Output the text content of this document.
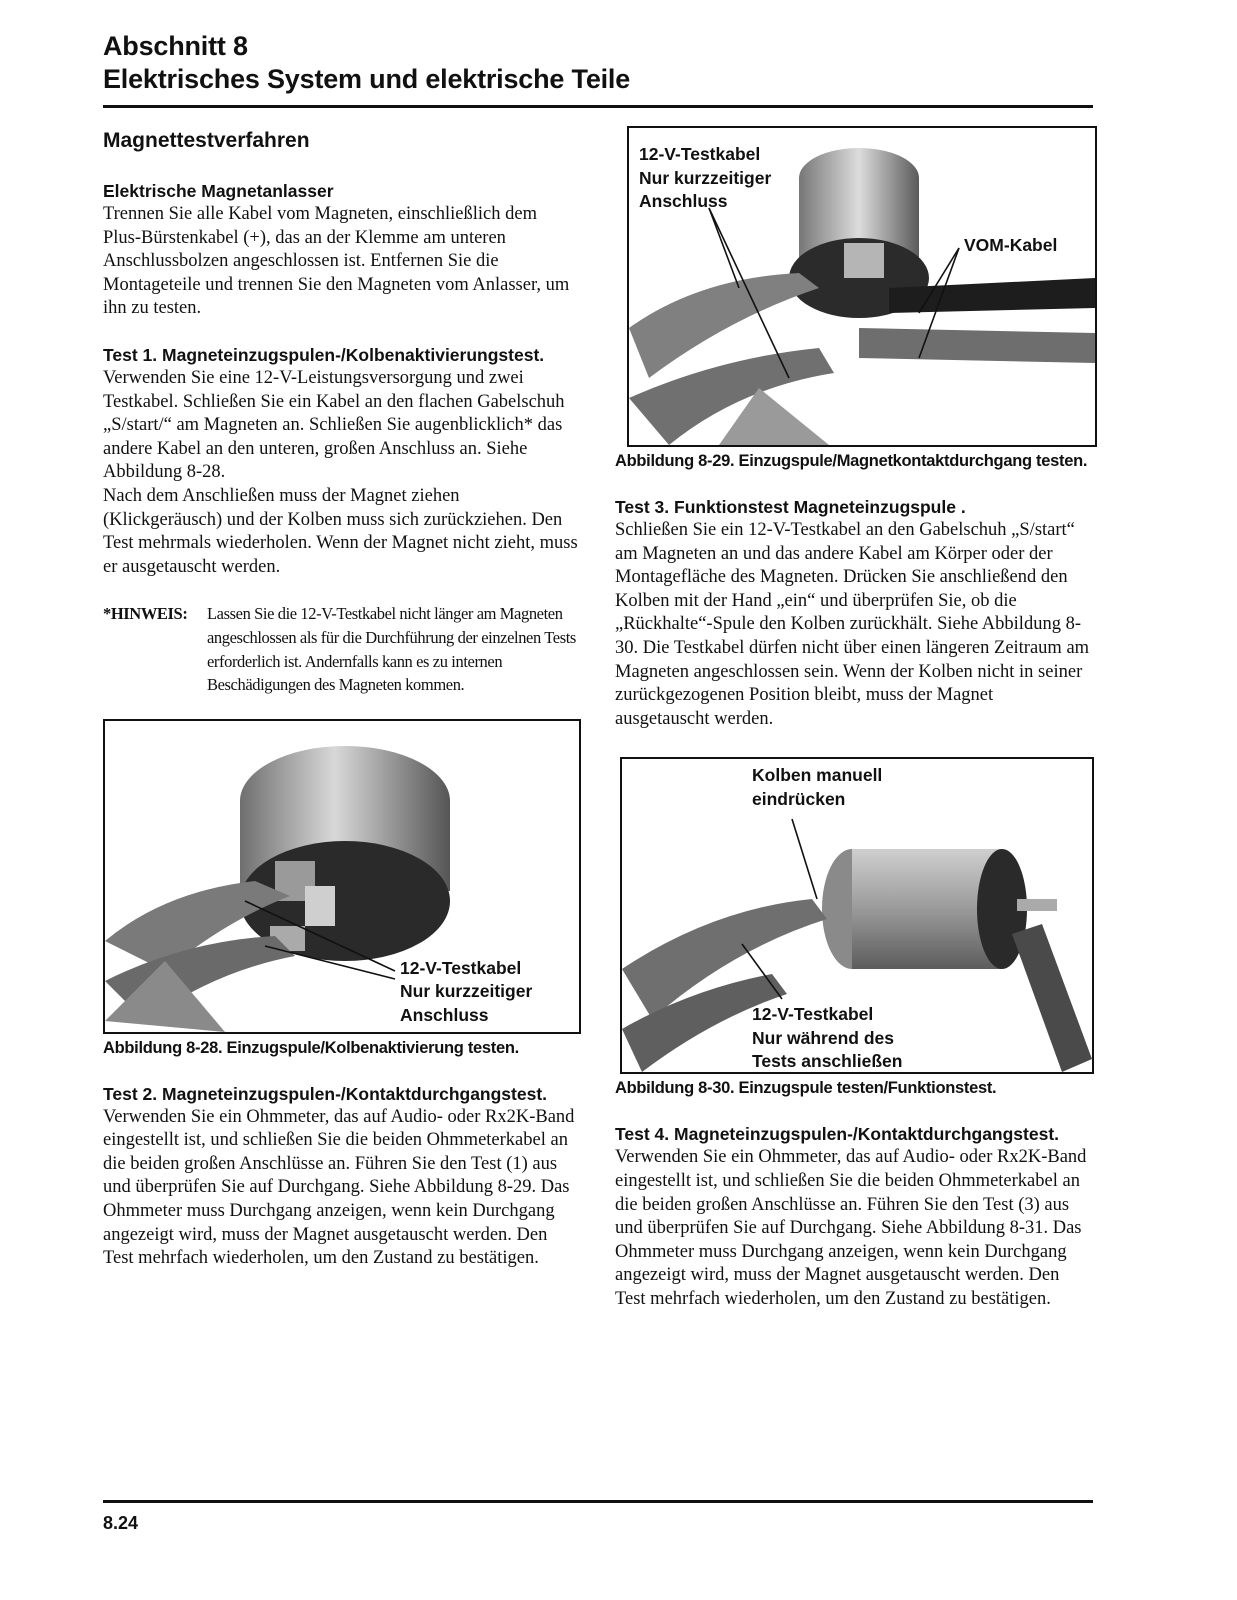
Abschnitt 8
Elektrisches System und elektrische Teile
Magnettestverfahren
Elektrische Magnetanlasser

Trennen Sie alle Kabel vom Magneten, einschließlich dem Plus-Bürstenkabel (+), das an der Klemme am unteren Anschlussbolzen angeschlossen ist. Entfernen Sie die Montageteile und trennen Sie den Magneten vom Anlasser, um ihn zu testen.

Test 1. Magneteinzugspulen-/Kolbenaktivierungstest.

Verwenden Sie eine 12-V-Leistungsversorgung und zwei Testkabel. Schließen Sie ein Kabel an den flachen Gabelschuh „S/start/“ am Magneten an. Schließen Sie augenblicklich* das andere Kabel an den unteren, großen Anschluss an. Siehe Abbildung 8-28.

Nach dem Anschließen muss der Magnet ziehen (Klickgeräusch) und der Kolben muss sich zurückziehen. Den Test mehrmals wiederholen. Wenn der Magnet nicht zieht, muss er ausgetauscht werden.

*HINWEIS:	Lassen Sie die 12-V-Testkabel nicht länger am Magneten angeschlossen als für die Durchführung der einzelnen Tests erforderlich ist. Andernfalls kann es zu internen Beschädigungen des Magneten kommen.
12-V-Testkabel
Nur kurzzeitiger
Anschluss
Abbildung 8-28. Einzugspule/Kolbenaktivierung testen.
Test 2. Magneteinzugspulen-/Kontaktdurchgangstest.

Verwenden Sie ein Ohmmeter, das auf Audio- oder Rx2K-Band eingestellt ist, und schließen Sie die beiden Ohmmeterkabel an die beiden großen Anschlüsse an. Führen Sie den Test (1) aus und überprüfen Sie auf Durchgang. Siehe Abbildung 8-29. Das Ohmmeter muss Durchgang anzeigen, wenn kein Durchgang angezeigt wird, muss der Magnet ausgetauscht werden. Den Test mehrfach wiederholen, um den Zustand zu bestätigen.

12-V-Testkabel
Nur kurzzeitiger
Anschluss
VOM-Kabel
Abbildung 8-29. Einzugspule/Magnetkontaktdurchgang testen.
Test 3. Funktionstest Magneteinzugspule .

Schließen Sie ein 12-V-Testkabel an den Gabelschuh „S/start“ am Magneten an und das andere Kabel am Körper oder der Montagefläche des Magneten. Drücken Sie anschließend den Kolben mit der Hand „ein“ und überprüfen Sie, ob die „Rückhalte“-Spule den Kolben zurückhält. Siehe Abbildung 8-30. Die Testkabel dürfen nicht über einen längeren Zeitraum am Magneten angeschlossen sein. Wenn der Kolben nicht in seiner zurückgezogenen Position bleibt, muss der Magnet ausgetauscht werden.

Kolben manuell
eindrücken
12-V-Testkabel
Nur während des
Tests anschließen
Abbildung 8-30. Einzugspule testen/Funktionstest.
Test 4. Magneteinzugspulen-/Kontaktdurchgangstest.

Verwenden Sie ein Ohmmeter, das auf Audio- oder Rx2K-Band eingestellt ist, und schließen Sie die beiden Ohmmeterkabel an die beiden großen Anschlüsse an. Führen Sie den Test (3) aus und überprüfen Sie auf Durchgang. Siehe Abbildung 8-31. Das Ohmmeter muss Durchgang anzeigen, wenn kein Durchgang angezeigt wird, muss der Magnet ausgetauscht werden. Den Test mehrfach wiederholen, um den Zustand zu bestätigen.

8.24
